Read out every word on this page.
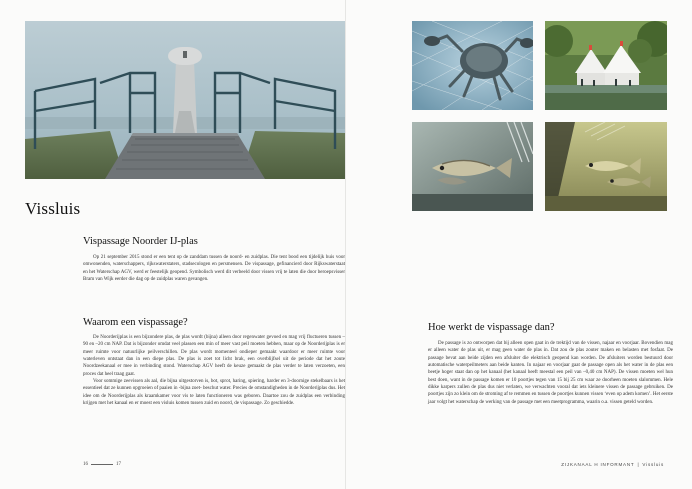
Vissluis
Vispassage Noorder IJ-plas
Op 21 september 2015 stond er een tent op de zanddam tussen de noord- en zuidplas. Die tent bood een tijdelijk huis voor omwonenden, waterschappers, rijkswaterstaters, stadsecologen en persmensen. De vispassage, gefinancierd door Rijkswaterstaat en het Waterschap AGV, werd er feestelijk geopend. Symbolisch werd dit verbeeld door vissen vrij te laten die door beroepsvisser Bram van Wijk eerder die dag op de zuidplas waren gevangen.
Waarom een vispassage?
De Noorderijplas is een bijzondere plas, de plas wordt (bijna) alleen door regenwater gevoed en mag vrij fluctueren tussen –90 en –20 cm NAP. Dat is bijzonder omdat veel plassen een min of meer vast peil moeten hebben, maar op de Noorderijplas is er meer ruimte voor natuurlijke peilverschillen. De plas wordt momenteel ondieper gemaakt waardoor er meer ruimte voor waterleven ontstaat dan in een diepe plas. De plas is zoet tot licht brak, een overblijfsel uit de periode dat het zoute Noordzeekanaal er mee in verbinding stond. Waterschap AGV heeft de keuze gemaakt de plas verder te laten verzoeten, een proces dat heel traag gaat.
Voor sommige zeevissen als aal, die bijna uitgestorven is, bot, sprot, haring, spiering, harder en 3-doornige stekelbaars is het essentieel dat ze kunnen opgroeien of paaien in -bijna zoet- beschut water. Precies de omstandigheden in de Noorderijplas dus. Het idee om de Noorderijplas als kraamkamer voor vis te laten functioneren was geboren. Daartoe zou de zuidplas een verbinding krijgen met het kanaal en er moest een visluis komen tussen zuid en noord, de vispassage. Zo geschiedde.
16	17
Hoe werkt de vispassage dan?
De passage is zo ontworpen dat bij alleen open gaat in de trektijd van de vissen, najaar en voorjaar. Bovendien mag er alleen water de plas uit, er mag geen water de plas in. Dat zou de plas zouter maken en belasten met fosfaat. De passage bevat aan beide zijden een afsluiter die elektrisch geopend kan worden. De afsluiters worden bestuurd door automatische waterpeilmeters aan beide kanten. In najaar en voorjaar gaat de passage open als het water in de plas een beetje hoger staat dan op het kanaal (het kanaal heeft meestal een peil van –0,40 cm NAP). De vissen moeten wel hun best doen, want in de passage komen er 10 poortjes tegen van 15 bij 25 cm waar ze doorheen moeten slalommen. Hele dikke karpers zullen de plas dus niet verlaten, we verwachten vooral dat iets kleinere vissen de passage gebruiken. De poortjes zijn zo klein om de stroming af te remmen en tussen de poortjes kunnen vissen ‘even op adem komen’. Het eerste jaar volgt het waterschap de werking van de passage met een meetprogramma, waarin o.a. vissen geteld worden.
ZIJKANAAL H INFORMANT | Vissluis
